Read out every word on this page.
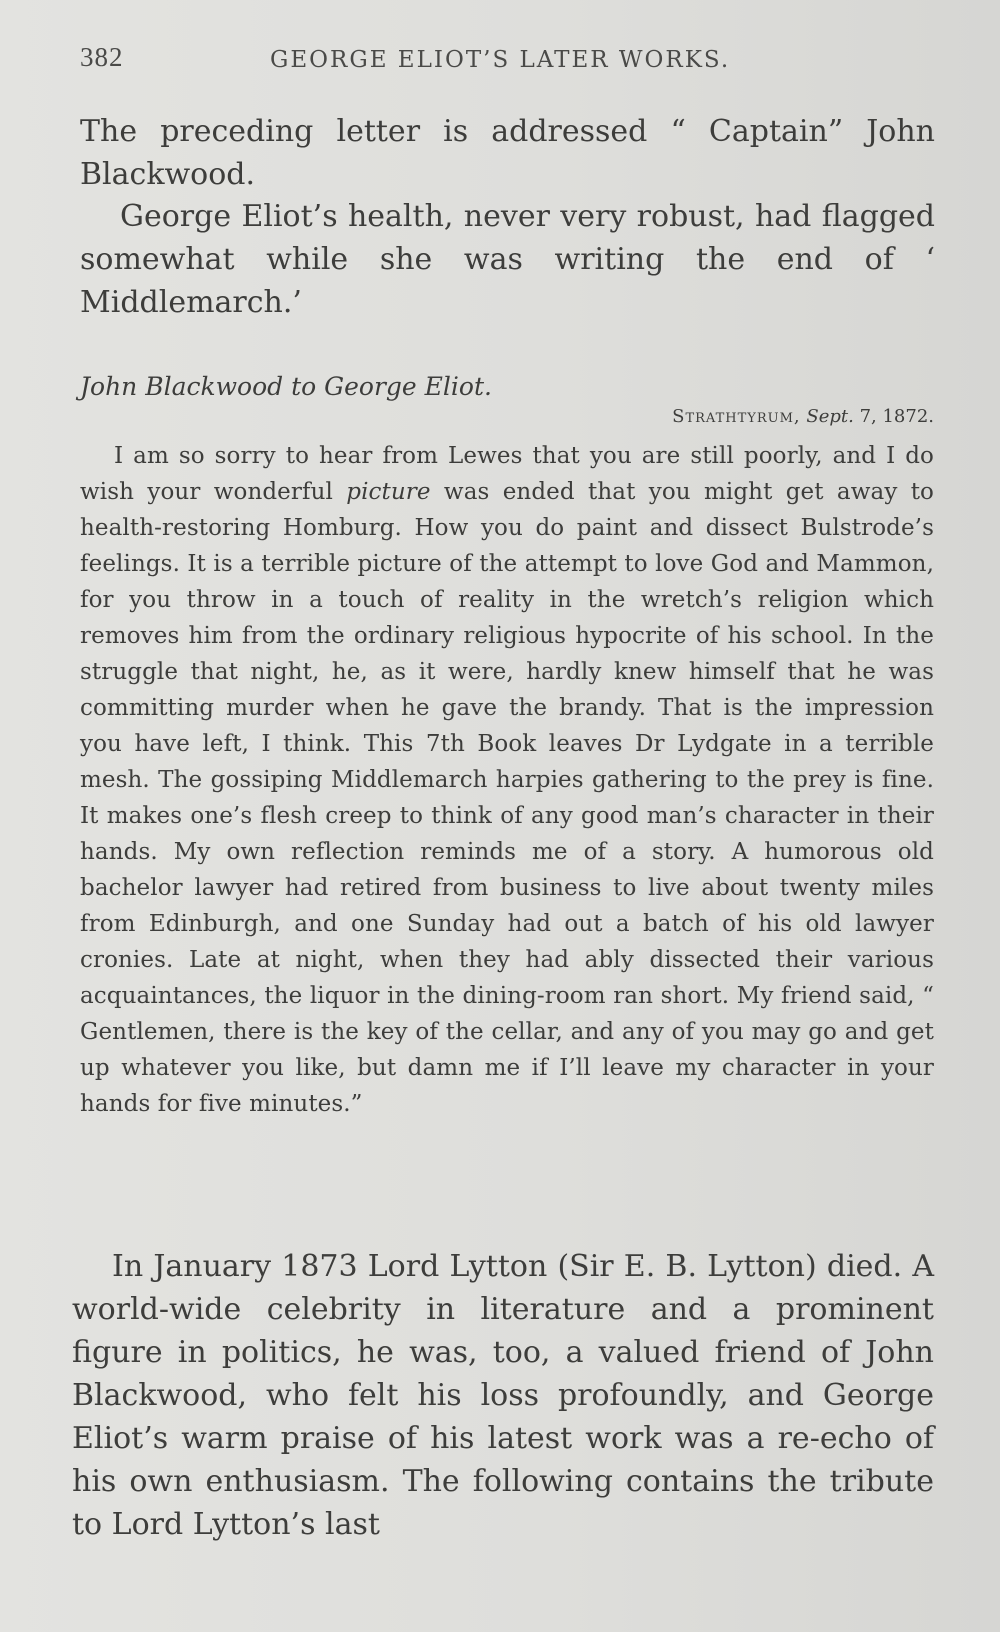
382	GEORGE ELIOT’S LATER WORKS.

The preceding letter is addressed “ Captain” John Blackwood.

George Eliot’s health, never very robust, had flagged somewhat while she was writing the end of ‘ Middlemarch.’

John Blackwood to George Eliot.
Strathtyrum, Sept. 7, 1872.

I am so sorry to hear from Lewes that you are still poorly, and I do wish your wonderful picture was ended that you might get away to health-restoring Homburg. How you do paint and dissect Bulstrode’s feelings. It is a terrible picture of the attempt to love God and Mammon, for you throw in a touch of reality in the wretch’s religion which removes him from the ordinary religious hypocrite of his school. In the struggle that night, he, as it were, hardly knew himself that he was committing murder when he gave the brandy. That is the impression you have left, I think. This 7th Book leaves Dr Lydgate in a terrible mesh. The gossiping Middlemarch harpies gathering to the prey is fine. It makes one’s flesh creep to think of any good man’s character in their hands. My own reflection reminds me of a story. A humorous old bachelor lawyer had retired from business to live about twenty miles from Edinburgh, and one Sunday had out a batch of his old lawyer cronies. Late at night, when they had ably dissected their various acquaintances, the liquor in the dining-room ran short. My friend said, “ Gentlemen, there is the key of the cellar, and any of you may go and get up whatever you like, but damn me if I’ll leave my character in your hands for five minutes.”

In January 1873 Lord Lytton (Sir E. B. Lytton) died. A world-wide celebrity in literature and a prominent figure in politics, he was, too, a valued friend of John Blackwood, who felt his loss profoundly, and George Eliot’s warm praise of his latest work was a re-echo of his own enthusiasm. The following contains the tribute to Lord Lytton’s last
